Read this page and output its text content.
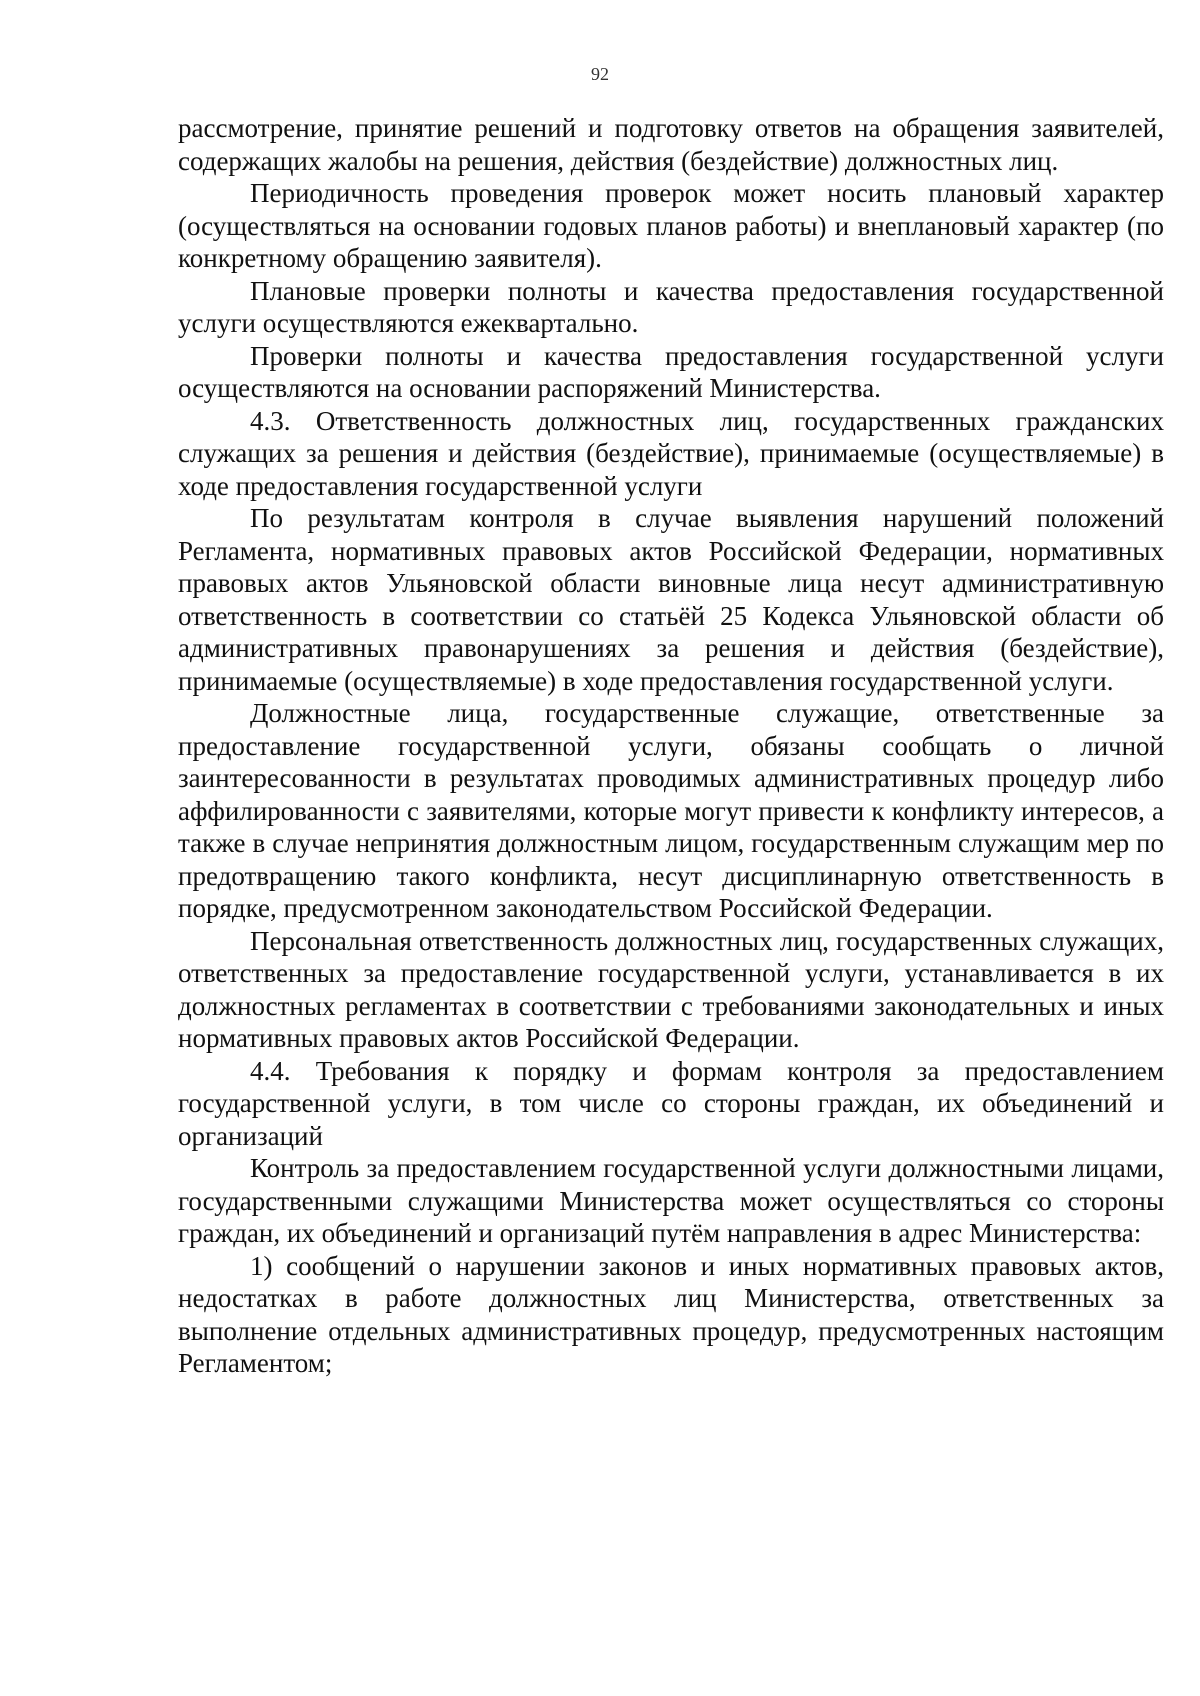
92

рассмотрение, принятие решений и подготовку ответов на обращения заявителей, содержащих жалобы на решения, действия (бездействие) должностных лиц.

Периодичность проведения проверок может носить плановый характер (осуществляться на основании годовых планов работы) и внеплановый характер (по конкретному обращению заявителя).

Плановые проверки полноты и качества предоставления государственной услуги осуществляются ежеквартально.

Проверки полноты и качества предоставления государственной услуги осуществляются на основании распоряжений Министерства.

4.3. Ответственность должностных лиц, государственных гражданских служащих за решения и действия (бездействие), принимаемые (осуществляемые) в ходе предоставления государственной услуги

По результатам контроля в случае выявления нарушений положений Регламента, нормативных правовых актов Российской Федерации, нормативных правовых актов Ульяновской области виновные лица несут административную ответственность в соответствии со статьёй 25 Кодекса Ульяновской области об административных правонарушениях за решения и действия (бездействие), принимаемые (осуществляемые) в ходе предоставления государственной услуги.

Должностные лица, государственные служащие, ответственные за предоставление государственной услуги, обязаны сообщать о личной заинтересованности в результатах проводимых административных процедур либо аффилированности с заявителями, которые могут привести к конфликту интересов, а также в случае непринятия должностным лицом, государственным служащим мер по предотвращению такого конфликта, несут дисциплинарную ответственность в порядке, предусмотренном законодательством Российской Федерации.

Персональная ответственность должностных лиц, государственных служащих, ответственных за предоставление государственной услуги, устанавливается в их должностных регламентах в соответствии с требованиями законодательных и иных нормативных правовых актов Российской Федерации.

4.4. Требования к порядку и формам контроля за предоставлением государственной услуги, в том числе со стороны граждан, их объединений и организаций

Контроль за предоставлением государственной услуги должностными лицами, государственными служащими Министерства может осуществляться со стороны граждан, их объединений и организаций путём направления в адрес Министерства:

1) сообщений о нарушении законов и иных нормативных правовых актов, недостатках в работе должностных лиц Министерства, ответственных за выполнение отдельных административных процедур, предусмотренных настоящим Регламентом;
